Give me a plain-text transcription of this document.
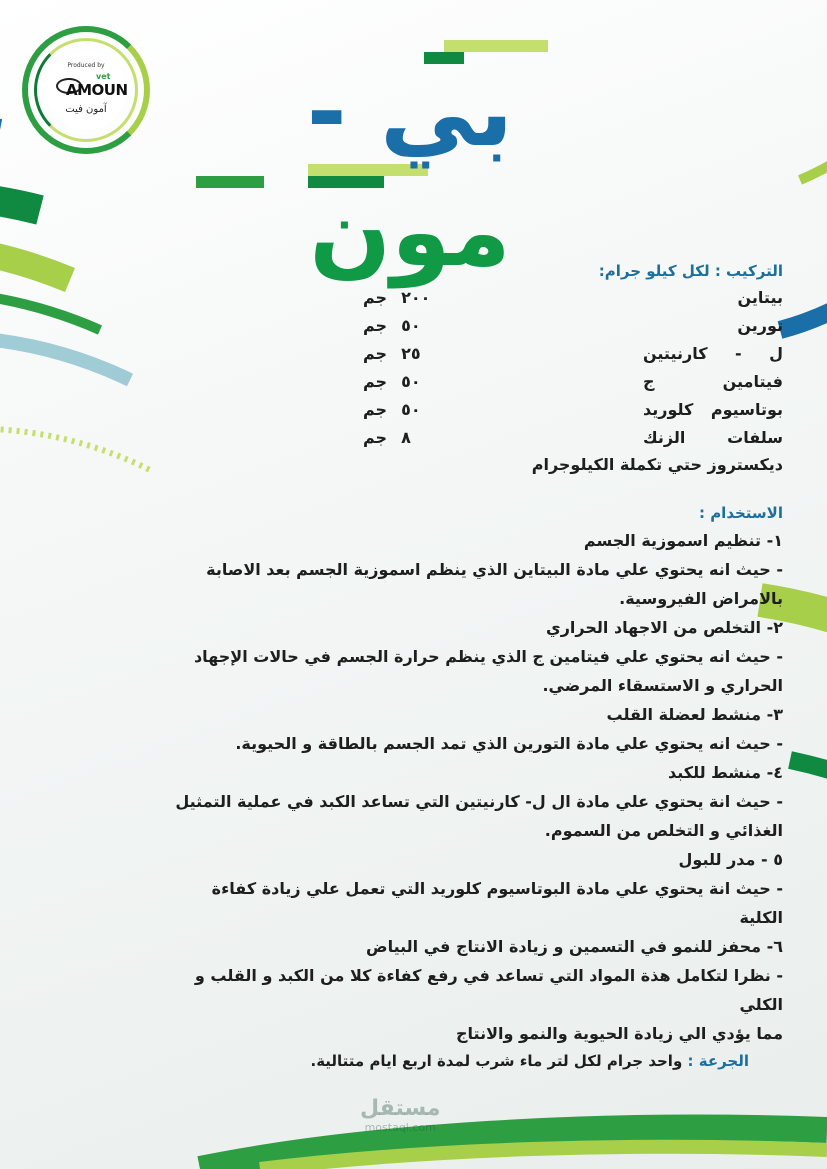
Produced by
vet
AMOUN
آمون فيت	بي - مون	التركيب : لكل كيلو جرام:
بيتاين
٢٠٠
جم
تورين
٥٠
جم
ل - كارنيتين
٢٥
جم
فيتامين ج
٥٠
جم
بوتاسيوم كلوريد
٥٠
جم
سلفات الزنك
٨
جم
ديكستروز حتي تكملة الكيلوجرام
الاستخدام :
١- تنظيم اسموزية الجسم
- حيث انه يحتوي علي مادة البيتاين الذي ينظم اسموزية الجسم بعد الاصابة
بالامراض الفيروسية.
٢- التخلص من الاجهاد الحراري
- حيث انه يحتوي علي فيتامين ج الذي ينظم حرارة الجسم في حالات الإجهاد
الحراري و الاستسقاء المرضي.
٣- منشط لعضلة القلب
- حيث انه يحتوي علي مادة التورين الذي تمد الجسم بالطاقة و الحيوية.
٤- منشط للكبد
- حيث انة يحتوي علي مادة ال ل- كارنيتين التي تساعد الكبد في عملية التمثيل
الغذائي و التخلص من السموم.
٥ - مدر للبول
- حيث انة يحتوي علي مادة البوتاسيوم كلوريد التي تعمل علي زيادة كفاءة الكلية
٦- محفز للنمو في التسمين و زيادة الانتاج في البياض
- نظرا لتكامل هذة المواد التي تساعد في رفع كفاءة كلا من الكبد و القلب و الكلي
مما يؤدي الي زيادة الحيوية والنمو والانتاج
الجرعة : واحد جرام لكل لتر ماء شرب لمدة اربع ايام متتالية.
مستقل
mostaql.com
